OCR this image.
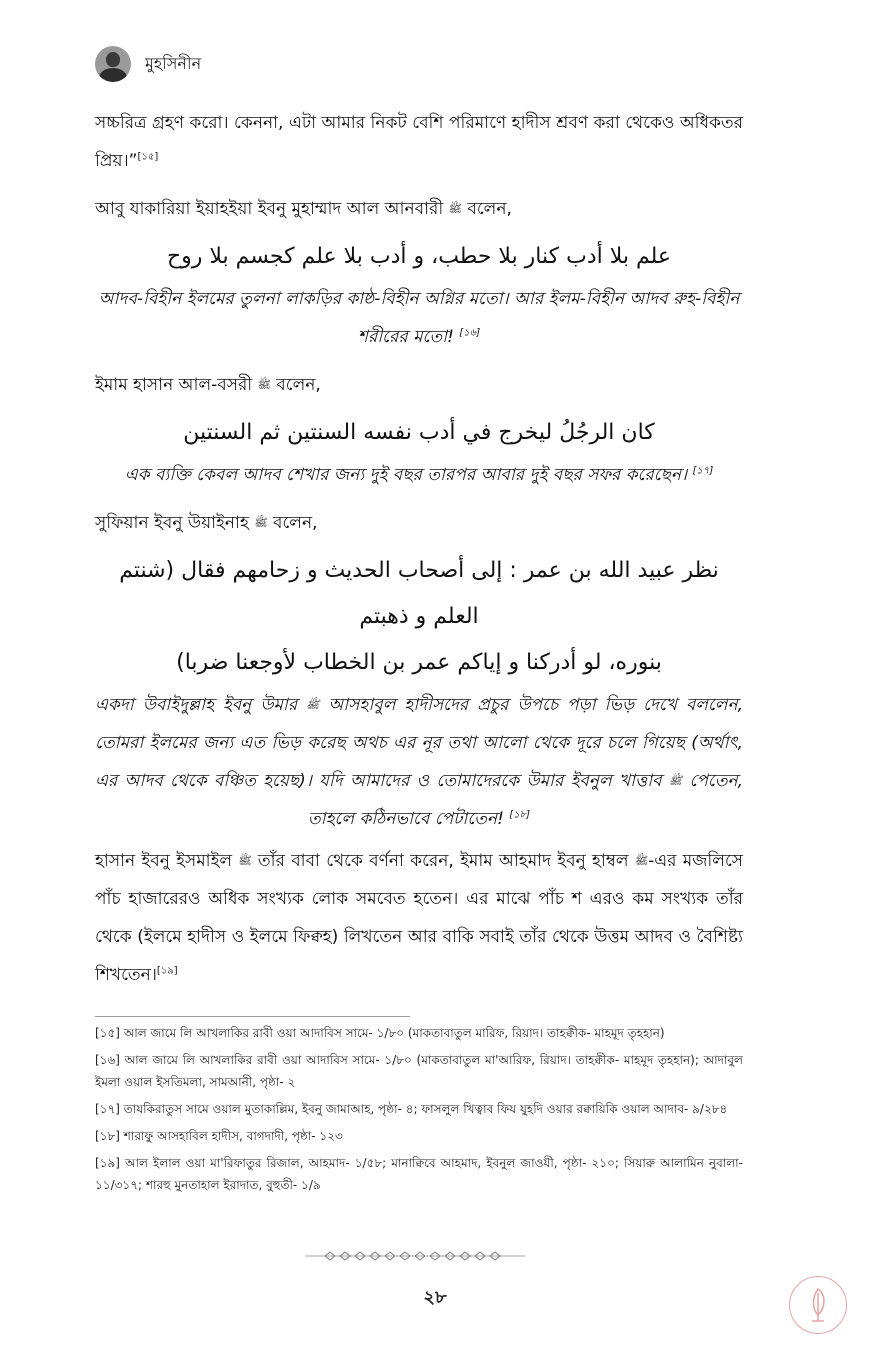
মুহসিনীন

সচ্চরিত্র গ্রহণ করো। কেননা, এটা আমার নিকট বেশি পরিমাণে হাদীস শ্রবণ করা থেকেও অধিকতর প্রিয়।”[১৫]

আবু যাকারিয়া ইয়াহইয়া ইবনু মুহাম্মাদ আল আনবারী ﷺ বলেন,

علم بلا أدب كنار بلا حطب، و أدب بلا علم كجسم بلا روح

আদব-বিহীন ইলমের তুলনা লাকড়ির কাষ্ঠ-বিহীন অগ্নির মতো। আর ইলম-বিহীন আদব রুহ-বিহীন শরীরের মতো! [১৬]

ইমাম হাসান আল-বসরী ﷺ বলেন,

كان الرجُلُ ليخرج في أدب نفسه السنتين ثم السنتين

এক ব্যক্তি কেবল আদব শেখার জন্য দুই বছর তারপর আবার দুই বছর সফর করেছেন। [১৭]

সুফিয়ান ইবনু উয়াইনাহ ﷺ বলেন,

نظر عبيد الله بن عمر : إلى أصحاب الحديث و زحامهم فقال (شنتم العلم و ذهبتم

بنوره، لو أدركنا و إياكم عمر بن الخطاب لأوجعنا ضربا)

একদা উবাইদুল্লাহ ইবনু উমার ﷺ আসহাবুল হাদীসদের প্রচুর উপচে পড়া ভিড় দেখে বললেন, তোমরা ইলমের জন্য এত ভিড় করেছ অথচ এর নূর তথা আলো থেকে দূরে চলে গিয়েছ (অর্থাৎ, এর আদব থেকে বঞ্চিত হয়েছ)। যদি আমাদের ও তোমাদেরকে উমার ইবনুল খাত্তাব ﷺ পেতেন, তাহলে কঠিনভাবে পেটাতেন! [১৮]

হাসান ইবনু ইসমাইল ﷺ তাঁর বাবা থেকে বর্ণনা করেন, ইমাম আহমাদ ইবনু হাম্বল ﷺ-এর মজলিসে পাঁচ হাজারেরও অধিক সংখ্যক লোক সমবেত হতেন। এর মাঝে পাঁচ শ এরও কম সংখ্যক তাঁর থেকে (ইলমে হাদীস ও ইলমে ফিক্বহ) লিখতেন আর বাকি সবাই তাঁর থেকে উত্তম আদব ও বৈশিষ্ট্য শিখতেন।[১৯]

[১৫] আল জামে লি আখলাকির রাবী ওয়া আদাবিস সামে- ১/৮০ (মাকতাবাতুল মারিফ, রিয়াদ। তাহক্বীক- মাহমূদ তৃহহান)

[১৬] আল জামে লি আখলাকির রাবী ওয়া আদাবিস সামে- ১/৮০ (মাকতাবাতুল মা'আরিফ, রিয়াদ। তাহক্বীক- মাহমূদ তৃহহান); আদাবুল ইমলা ওয়াল ইসতিমলা, সামআনী, পৃষ্ঠা- ২

[১৭] তাযকিরাতুস সামে ওয়াল মুতাকাল্লিম, ইবনু জামাআহ, পৃষ্ঠা- ৪; ফাসলুল খিত্বাব ফিয যুহদি ওয়ার রক্বায়িকি ওয়াল আদাব- ৯/২৮৪

[১৮] শারাফু আসহাবিল হাদীস, বাগদাদী, পৃষ্ঠা- ১২৩

[১৯] আল ইলাল ওয়া মা'রিফাতুর রিজাল, আহমাদ- ১/৫৮; মানাক্বিবে আহমাদ, ইবনুল জাওযী, পৃষ্ঠা- ২১০; সিয়ারু আলামিন নুবালা- ১১/৩১৭; শারহু মুনতাহাল ইরাদাত, বুহুতী- ১/৯

২৮
